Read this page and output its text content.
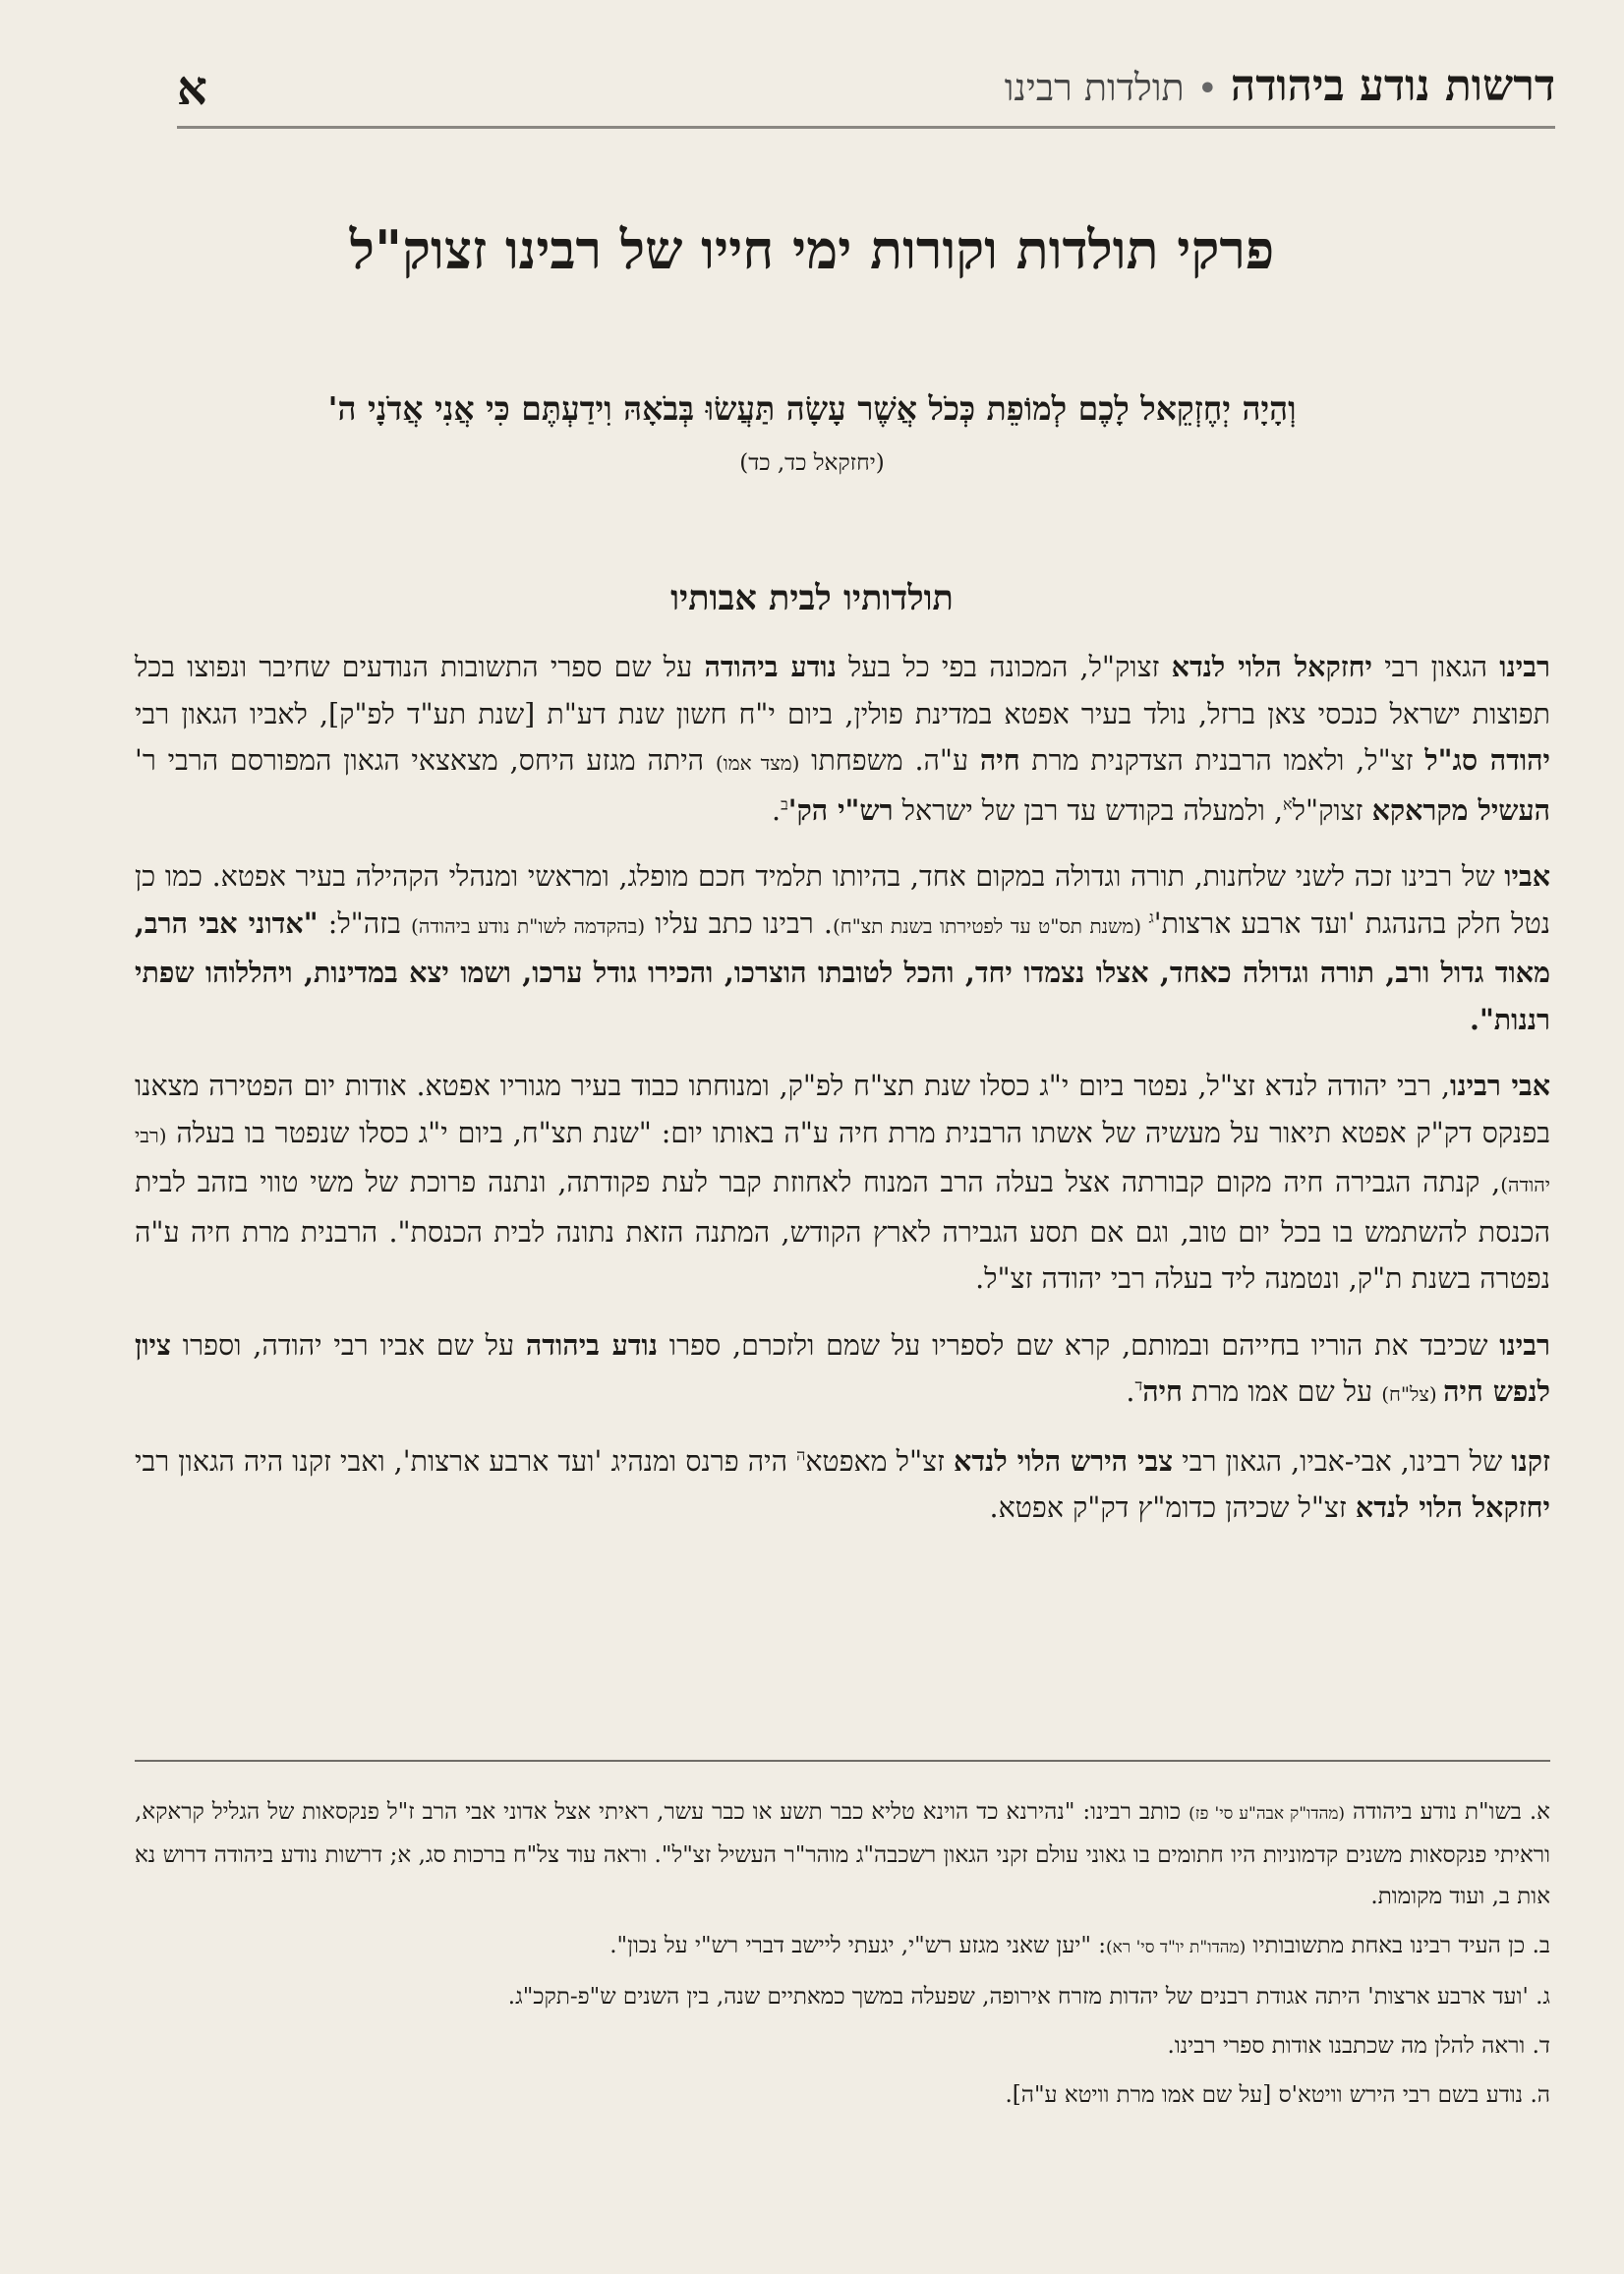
דרשות נודע ביהודה•תולדות רבינו
א
פרקי תולדות וקורות ימי חייו של רבינו זצוק"ל
וְהָיָה יְחֶזְקֵאל לָכֶם לְמוֹפֵת כְּכֹל אֲשֶׁר עָשָׂה תַּעֲשׂוּ בְּבֹאָהּ וִידַעְתֶּם כִּי אֲנִי אֲדֹנָי ה'
(יחזקאל כד, כד)
תולדותיו לבית אבותיו

רבינו הגאון רבי יחזקאל הלוי לנדא זצוק"ל, המכונה בפי כל בעל נודע ביהודה על שם ספרי התשובות הנודעים שחיבר ונפוצו בכל תפוצות ישראל כנכסי צאן ברזל, נולד בעיר אפטא במדינת פולין, ביום י"ח חשון שנת דע"ת [שנת תע"ד לפ"ק], לאביו הגאון רבי יהודה סג"ל זצ"ל, ולאמו הרבנית הצדקנית מרת חיה ע"ה. משפחתו (מצד אמו) היתה מגזע היחס, מצאצאי הגאון המפורסם הרבי ר' העשיל מקראקא זצוק"ל$^א$, ולמעלה בקודש עד רבן של ישראל רש"י $הק'^ב$.

אביו של רבינו זכה לשני שלחנות, תורה וגדולה במקום אחד, בהיותו תלמיד חכם מופלג, ומראשי ומנהלי הקהילה בעיר אפטא. כמו כן נטל חלק בהנהגת 'ועד ארבע $ארצות'^ג$ (משנת תס"ט עד לפטירתו בשנת תצ"ח). רבינו כתב עליו (בהקדמה לשו"ת נודע ביהודה) בזה"ל: "אדוני אבי הרב, מאוד גדול ורב, תורה וגדולה כאחד, אצלו נצמדו יחד, והכל לטובתו הוצרכו, והכירו גודל ערכו, ושמו יצא במדינות, ויהללוהו שפתי רננות".

אבי רבינו, רבי יהודה לנדא זצ"ל, נפטר ביום י"ג כסלו שנת תצ"ח לפ"ק, ומנוחתו כבוד בעיר מגוריו אפטא. אודות יום הפטירה מצאנו בפנקס דק"ק אפטא תיאור על מעשיה של אשתו הרבנית מרת חיה ע"ה באותו יום: "שנת תצ"ח, ביום י"ג כסלו שנפטר בו בעלה (רבי יהודה), קנתה הגבירה חיה מקום קבורתה אצל בעלה הרב המנוח לאחוזת קבר לעת פקודתה, ונתנה פרוכת של משי טווי בזהב לבית הכנסת להשתמש בו בכל יום טוב, וגם אם תסע הגבירה לארץ הקודש, המתנה הזאת נתונה לבית הכנסת". הרבנית מרת חיה ע"ה נפטרה בשנת ת"ק, ונטמנה ליד בעלה רבי יהודה זצ"ל.

רבינו שכיבד את הוריו בחייהם ובמותם, קרא שם לספריו על שמם ולזכרם, ספרו נודע ביהודה על שם אביו רבי יהודה, וספרו ציון לנפש חיה (צל"ח) על שם אמו מרת חיה$^ד$.

זקנו של רבינו, אבי-אביו, הגאון רבי צבי הירש הלוי לנדא זצ"ל מאפטא$^ה$ היה פרנס ומנהיג 'ועד ארבע ארצות', ואבי זקנו היה הגאון רבי יחזקאל הלוי לנדא זצ"ל שכיהן כדומ"ץ דק"ק אפטא.

א. בשו"ת נודע ביהודה (מהדו"ק אבה"ע סי' פז) כותב רבינו: "נהירנא כד הוינא טליא כבר תשע או כבר עשר, ראיתי אצל אדוני אבי הרב ז"ל פנקסאות של הגליל קראקא, וראיתי פנקסאות משנים קדמוניות היו חתומים בו גאוני עולם זקני הגאון רשכבה"ג מוהר"ר העשיל זצ"ל". וראה עוד צל"ח ברכות סג, א; דרשות נודע ביהודה דרוש נא אות ב, ועוד מקומות.

ב. כן העיד רבינו באחת מתשובותיו (מהדו"ת יו"ד סי' רא): "יען שאני מגזע רש"י, יגעתי ליישב דברי רש"י על נכון".

ג. 'ועד ארבע ארצות' היתה אגודת רבנים של יהדות מזרח אירופה, שפעלה במשך כמאתיים שנה, בין השנים ש"פ-תקכ"ג.

ד. וראה להלן מה שכתבנו אודות ספרי רבינו.

ה. נודע בשם רבי הירש וויטא'ס [על שם אמו מרת וויטא ע"ה].
